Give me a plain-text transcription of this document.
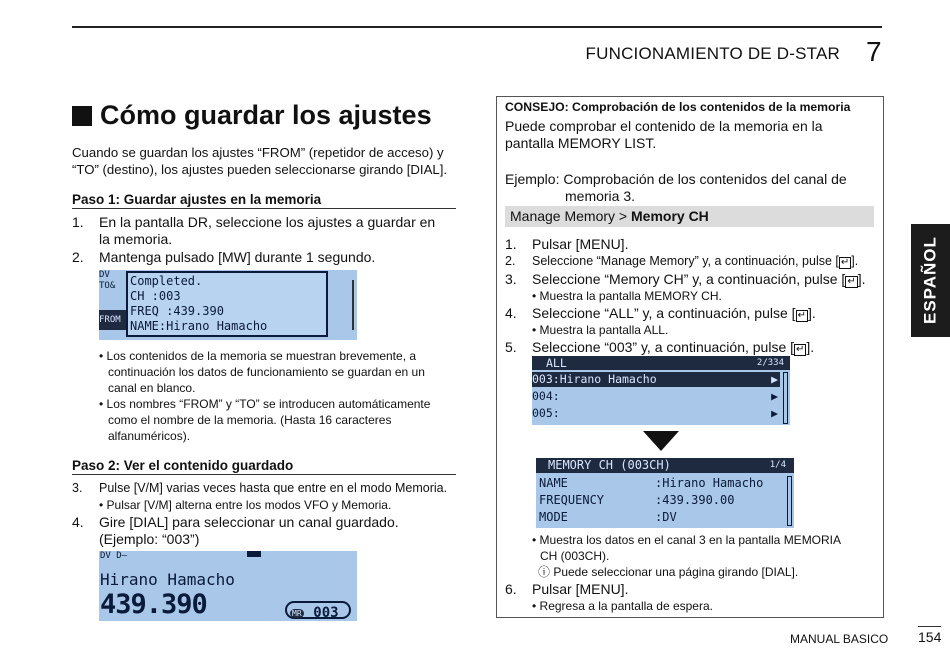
FUNCIONAMIENTO DE D-STAR 7
Cómo guardar los ajustes
Cuando se guardan los ajustes “FROM” (repetidor de acceso) y
“TO” (destino), los ajustes pueden seleccionarse girando [DIAL].
Paso 1: Guardar ajustes en la memoria
1. En la pantalla DR, seleccione los ajustes a guardar en
la memoria.
2. Mantenga pulsado [MW] durante 1 segundo.
DV
TO&
FROM
Completed.
CH :003
FREQ :439.390
NAME:Hirano Hamacho
• Los contenidos de la memoria se muestran brevemente, a
continuación los datos de funcionamiento se guardan en un
canal en blanco.
• Los nombres “FROM” y “TO” se introducen automáticamente
como el nombre de la memoria. (Hasta 16 caracteres
alfanuméricos).
Paso 2: Ver el contenido guardado
3. Pulse [V/M] varias veces hasta que entre en el modo Memoria.
• Pulsar [V/M] alterna entre los modos VFO y Memoria.
4. Gire [DIAL] para seleccionar un canal guardado.
(Ejemplo: “003”)
DV D–
Hirano Hamacho
439.390	MR 003
CONSEJO: Comprobación de los contenidos de la memoria
Puede comprobar el contenido de la memoria en la
pantalla MEMORY LIST.
Ejemplo: Comprobación de los contenidos del canal de
memoria 3.
Manage Memory > Memory CH
1. Pulsar [MENU].
2. Seleccione “Manage Memory” y, a continuación, pulse [ ↵ ].
3. Seleccione “Memory CH” y, a continuación, pulse [ ↵ ].
• Muestra la pantalla MEMORY CH.
4. Seleccione “ALL” y, a continuación, pulse [ ↵ ].
• Muestra la pantalla ALL.
5. Seleccione “003” y, a continuación, pulse [ ↵ ].
ALL	2/334
003:Hirano Hamacho	▶
004:	▶
005:	▶
MEMORY CH (003CH)	1/4
NAME	:Hirano Hamacho
FREQUENCY	:439.390.00
MODE	:DV
• Muestra los datos en el canal 3 en la pantalla MEMORIA
CH (003CH).
ⓘ Puede seleccionar una página girando [DIAL].
6. Pulsar [MENU].
• Regresa a la pantalla de espera.
ESPAÑOL
MANUAL BASICO 154
